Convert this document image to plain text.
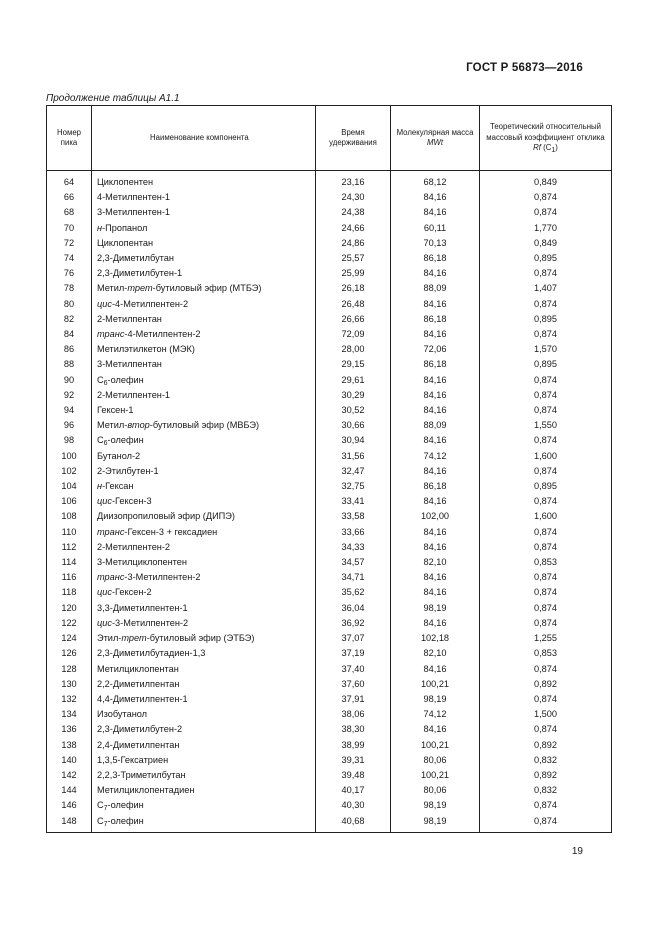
ГОСТ Р 56873—2016
Продолжение таблицы А1.1
Номер пика	Наименование компонента	Время удерживания	Молекулярная масса MWt	Теоретический относительный массовый коэффициент отклика Rf $(C_1)$
64	Циклопентен	23,16	68,12	0,849
66	4-Метилпентен-1	24,30	84,16	0,874
68	3-Метилпентен-1	24,38	84,16	0,874
70	н-Пропанол	24,66	60,11	1,770
72	Циклопентан	24,86	70,13	0,849
74	2,3-Диметилбутан	25,57	86,18	0,895
76	2,3-Диметилбутен-1	25,99	84,16	0,874
78	Метил-трет-бутиловый эфир (МТБЭ)	26,18	88,09	1,407
80	цис-4-Метилпентен-2	26,48	84,16	0,874
82	2-Метилпентан	26,66	86,18	0,895
84	транс-4-Метилпентен-2	72,09	84,16	0,874
86	Метилэтилкетон (МЭК)	28,00	72,06	1,570
88	3-Метилпентан	29,15	86,18	0,895
90	$C_6$-олефин	29,61	84,16	0,874
92	2-Метилпентен-1	30,29	84,16	0,874
94	Гексен-1	30,52	84,16	0,874
96	Метил-втор-бутиловый эфир (МВБЭ)	30,66	88,09	1,550
98	$C_6$-олефин	30,94	84,16	0,874
100	Бутанол-2	31,56	74,12	1,600
102	2-Этилбутен-1	32,47	84,16	0,874
104	н-Гексан	32,75	86,18	0,895
106	цис-Гексен-3	33,41	84,16	0,874
108	Диизопропиловый эфир (ДИПЭ)	33,58	102,00	1,600
110	транс-Гексен-3 + гексадиен	33,66	84,16	0,874
112	2-Метилпентен-2	34,33	84,16	0,874
114	3-Метилциклопентен	34,57	82,10	0,853
116	транс-3-Метилпентен-2	34,71	84,16	0,874
118	цис-Гексен-2	35,62	84,16	0,874
120	3,3-Диметилпентен-1	36,04	98,19	0,874
122	цис-3-Метилпентен-2	36,92	84,16	0,874
124	Этил-трет-бутиловый эфир (ЭТБЭ)	37,07	102,18	1,255
126	2,3-Диметилбутадиен-1,3	37,19	82,10	0,853
128	Метилциклопентан	37,40	84,16	0,874
130	2,2-Диметилпентан	37,60	100,21	0,892
132	4,4-Диметилпентен-1	37,91	98,19	0,874
134	Изобутанол	38,06	74,12	1,500
136	2,3-Диметилбутен-2	38,30	84,16	0,874
138	2,4-Диметилпентан	38,99	100,21	0,892
140	1,3,5-Гексатриен	39,31	80,06	0,832
142	2,2,3-Триметилбутан	39,48	100,21	0,892
144	Метилциклопентадиен	40,17	80,06	0,832
146	$C_7$-олефин	40,30	98,19	0,874
148	$C_7$-олефин	40,68	98,19	0,874
19
